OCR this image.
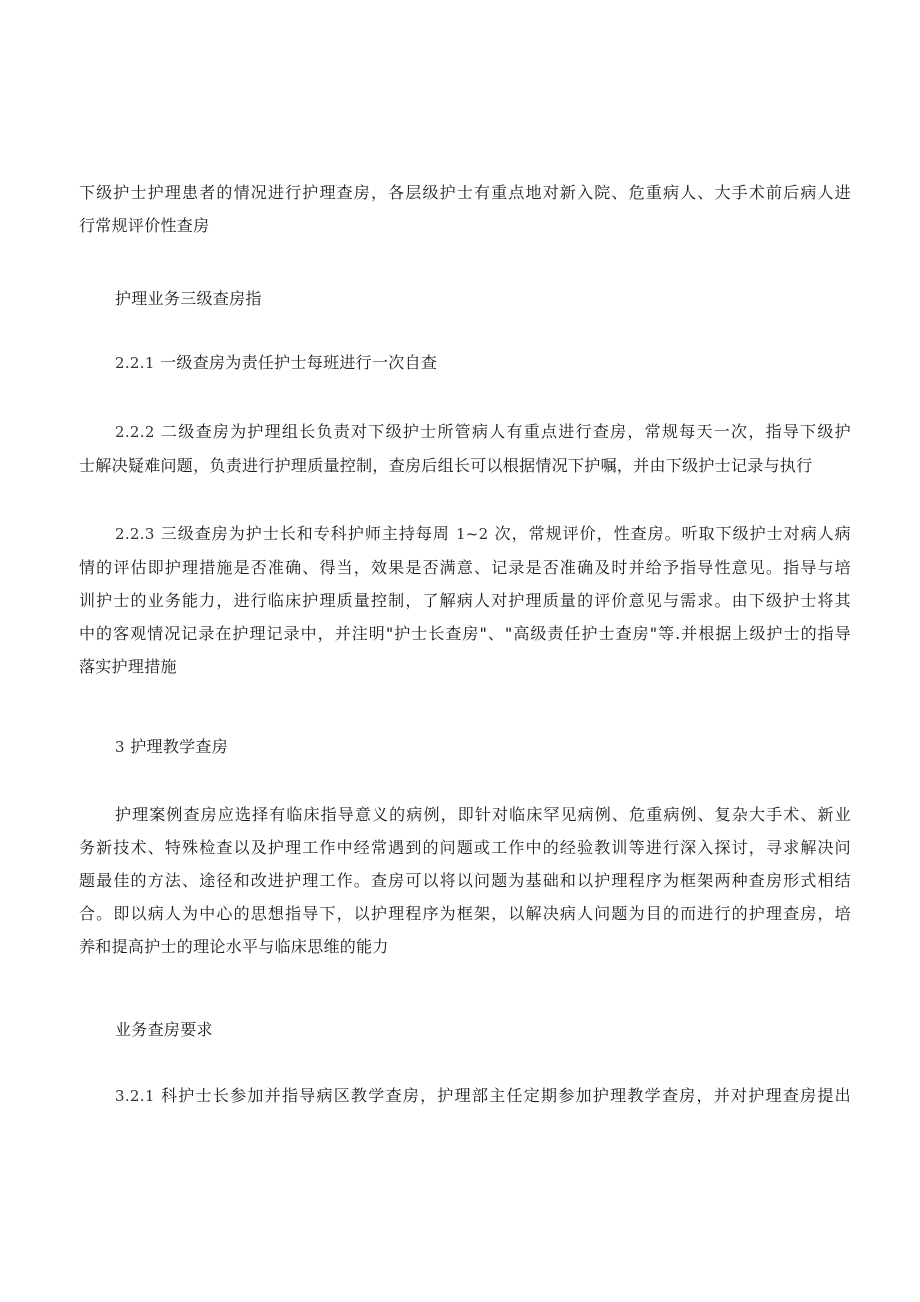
下级护士护理患者的情况进行护理查房，各层级护士有重点地对新入院、危重病人、大手术前后病人进
行常规评价性查房
护理业务三级查房指
2.2.1 一级查房为责任护士每班进行一次自查
2.2.2 二级查房为护理组长负责对下级护士所管病人有重点进行查房，常规每天一次，指导下级护
士解决疑难问题，负责进行护理质量控制，查房后组长可以根据情况下护嘱，并由下级护士记录与执行
2.2.3 三级查房为护士长和专科护师主持每周 1~2 次，常规评价，性查房。听取下级护士对病人病
情的评估即护理措施是否准确、得当，效果是否满意、记录是否准确及时并给予指导性意见。指导与培
训护士的业务能力，进行临床护理质量控制，了解病人对护理质量的评价意见与需求。由下级护士将其
中的客观情况记录在护理记录中，并注明"护士长查房"、"高级责任护士查房"等.并根据上级护士的指导
落实护理措施
3 护理教学查房
护理案例查房应选择有临床指导意义的病例，即针对临床罕见病例、危重病例、复杂大手术、新业
务新技术、特殊检查以及护理工作中经常遇到的问题或工作中的经验教训等进行深入探讨，寻求解决问
题最佳的方法、途径和改进护理工作。查房可以将以问题为基础和以护理程序为框架两种查房形式相结
合。即以病人为中心的思想指导下，以护理程序为框架，以解决病人问题为目的而进行的护理查房，培
养和提高护士的理论水平与临床思维的能力
业务查房要求
3.2.1 科护士长参加并指导病区教学查房，护理部主任定期参加护理教学查房，并对护理查房提出
